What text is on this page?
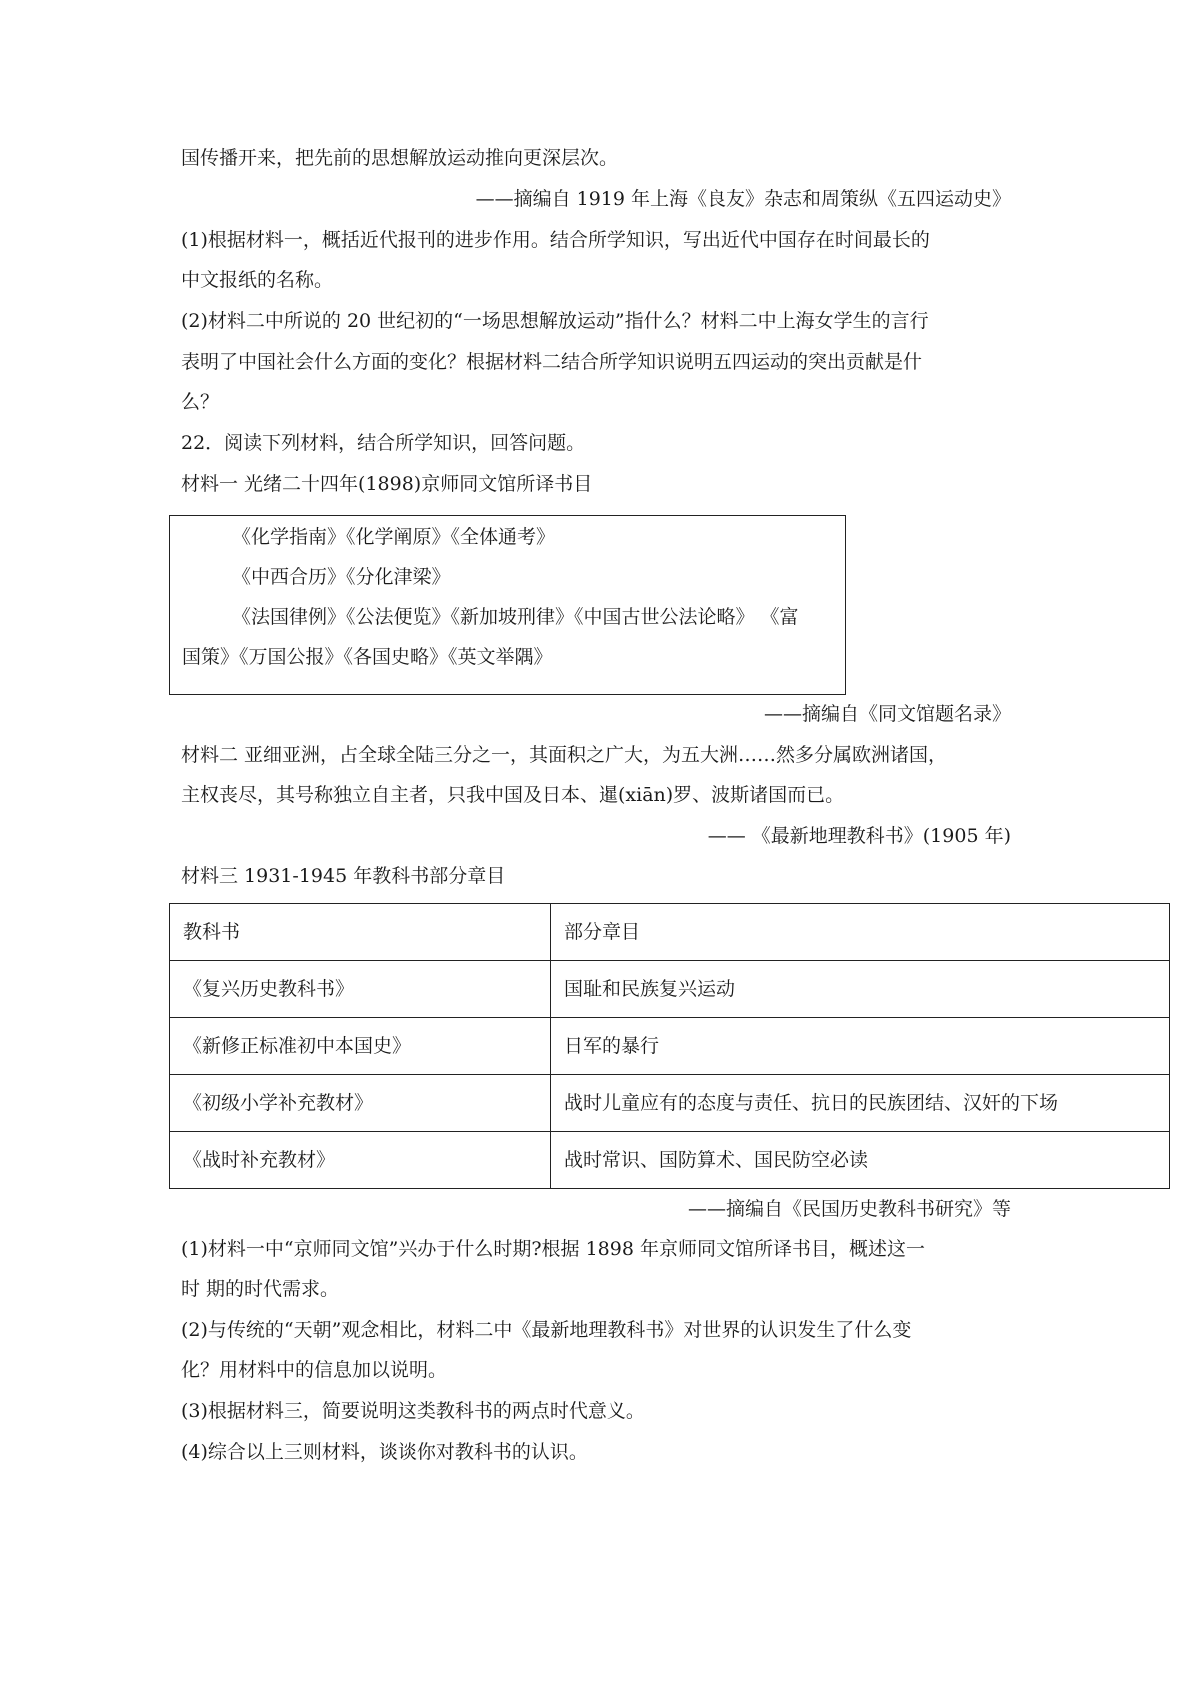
国传播开来，把先前的思想解放运动推向更深层次。
——摘编自 1919 年上海《良友》杂志和周策纵《五四运动史》
(1)根据材料一，概括近代报刊的进步作用。结合所学知识，写出近代中国存在时间最长的
中文报纸的名称。
(2)材料二中所说的 20 世纪初的“一场思想解放运动”指什么？材料二中上海女学生的言行
表明了中国社会什么方面的变化？根据材料二结合所学知识说明五四运动的突出贡献是什
么？
22．阅读下列材料，结合所学知识，回答问题。
材料一 光绪二十四年(1898)京师同文馆所译书目
《化学指南》《化学阐原》《全体通考》
《中西合历》《分化津梁》
《法国律例》《公法便览》《新加坡刑律》《中国古世公法论略》 《富
国策》《万国公报》《各国史略》《英文举隅》
——摘编自《同文馆题名录》
材料二 亚细亚洲，占全球全陆三分之一，其面积之广大，为五大洲……然多分属欧洲诸国，
主权丧尽，其号称独立自主者，只我中国及日本、暹(xiān)罗、波斯诸国而已。
—— 《最新地理教科书》(1905 年)
材料三 1931-1945 年教科书部分章目
教科书	部分章目
《复兴历史教科书》	国耻和民族复兴运动
《新修正标准初中本国史》	日军的暴行
《初级小学补充教材》	战时儿童应有的态度与责任、抗日的民族团结、汉奸的下场
《战时补充教材》	战时常识、国防算术、国民防空必读
——摘编自《民国历史教科书研究》等
(1)材料一中“京师同文馆”兴办于什么时期?根据 1898 年京师同文馆所译书目，概述这一
时 期的时代需求。
(2)与传统的“天朝”观念相比，材料二中《最新地理教科书》对世界的认识发生了什么变
化？用材料中的信息加以说明。
(3)根据材料三，简要说明这类教科书的两点时代意义。
(4)综合以上三则材料，谈谈你对教科书的认识。
